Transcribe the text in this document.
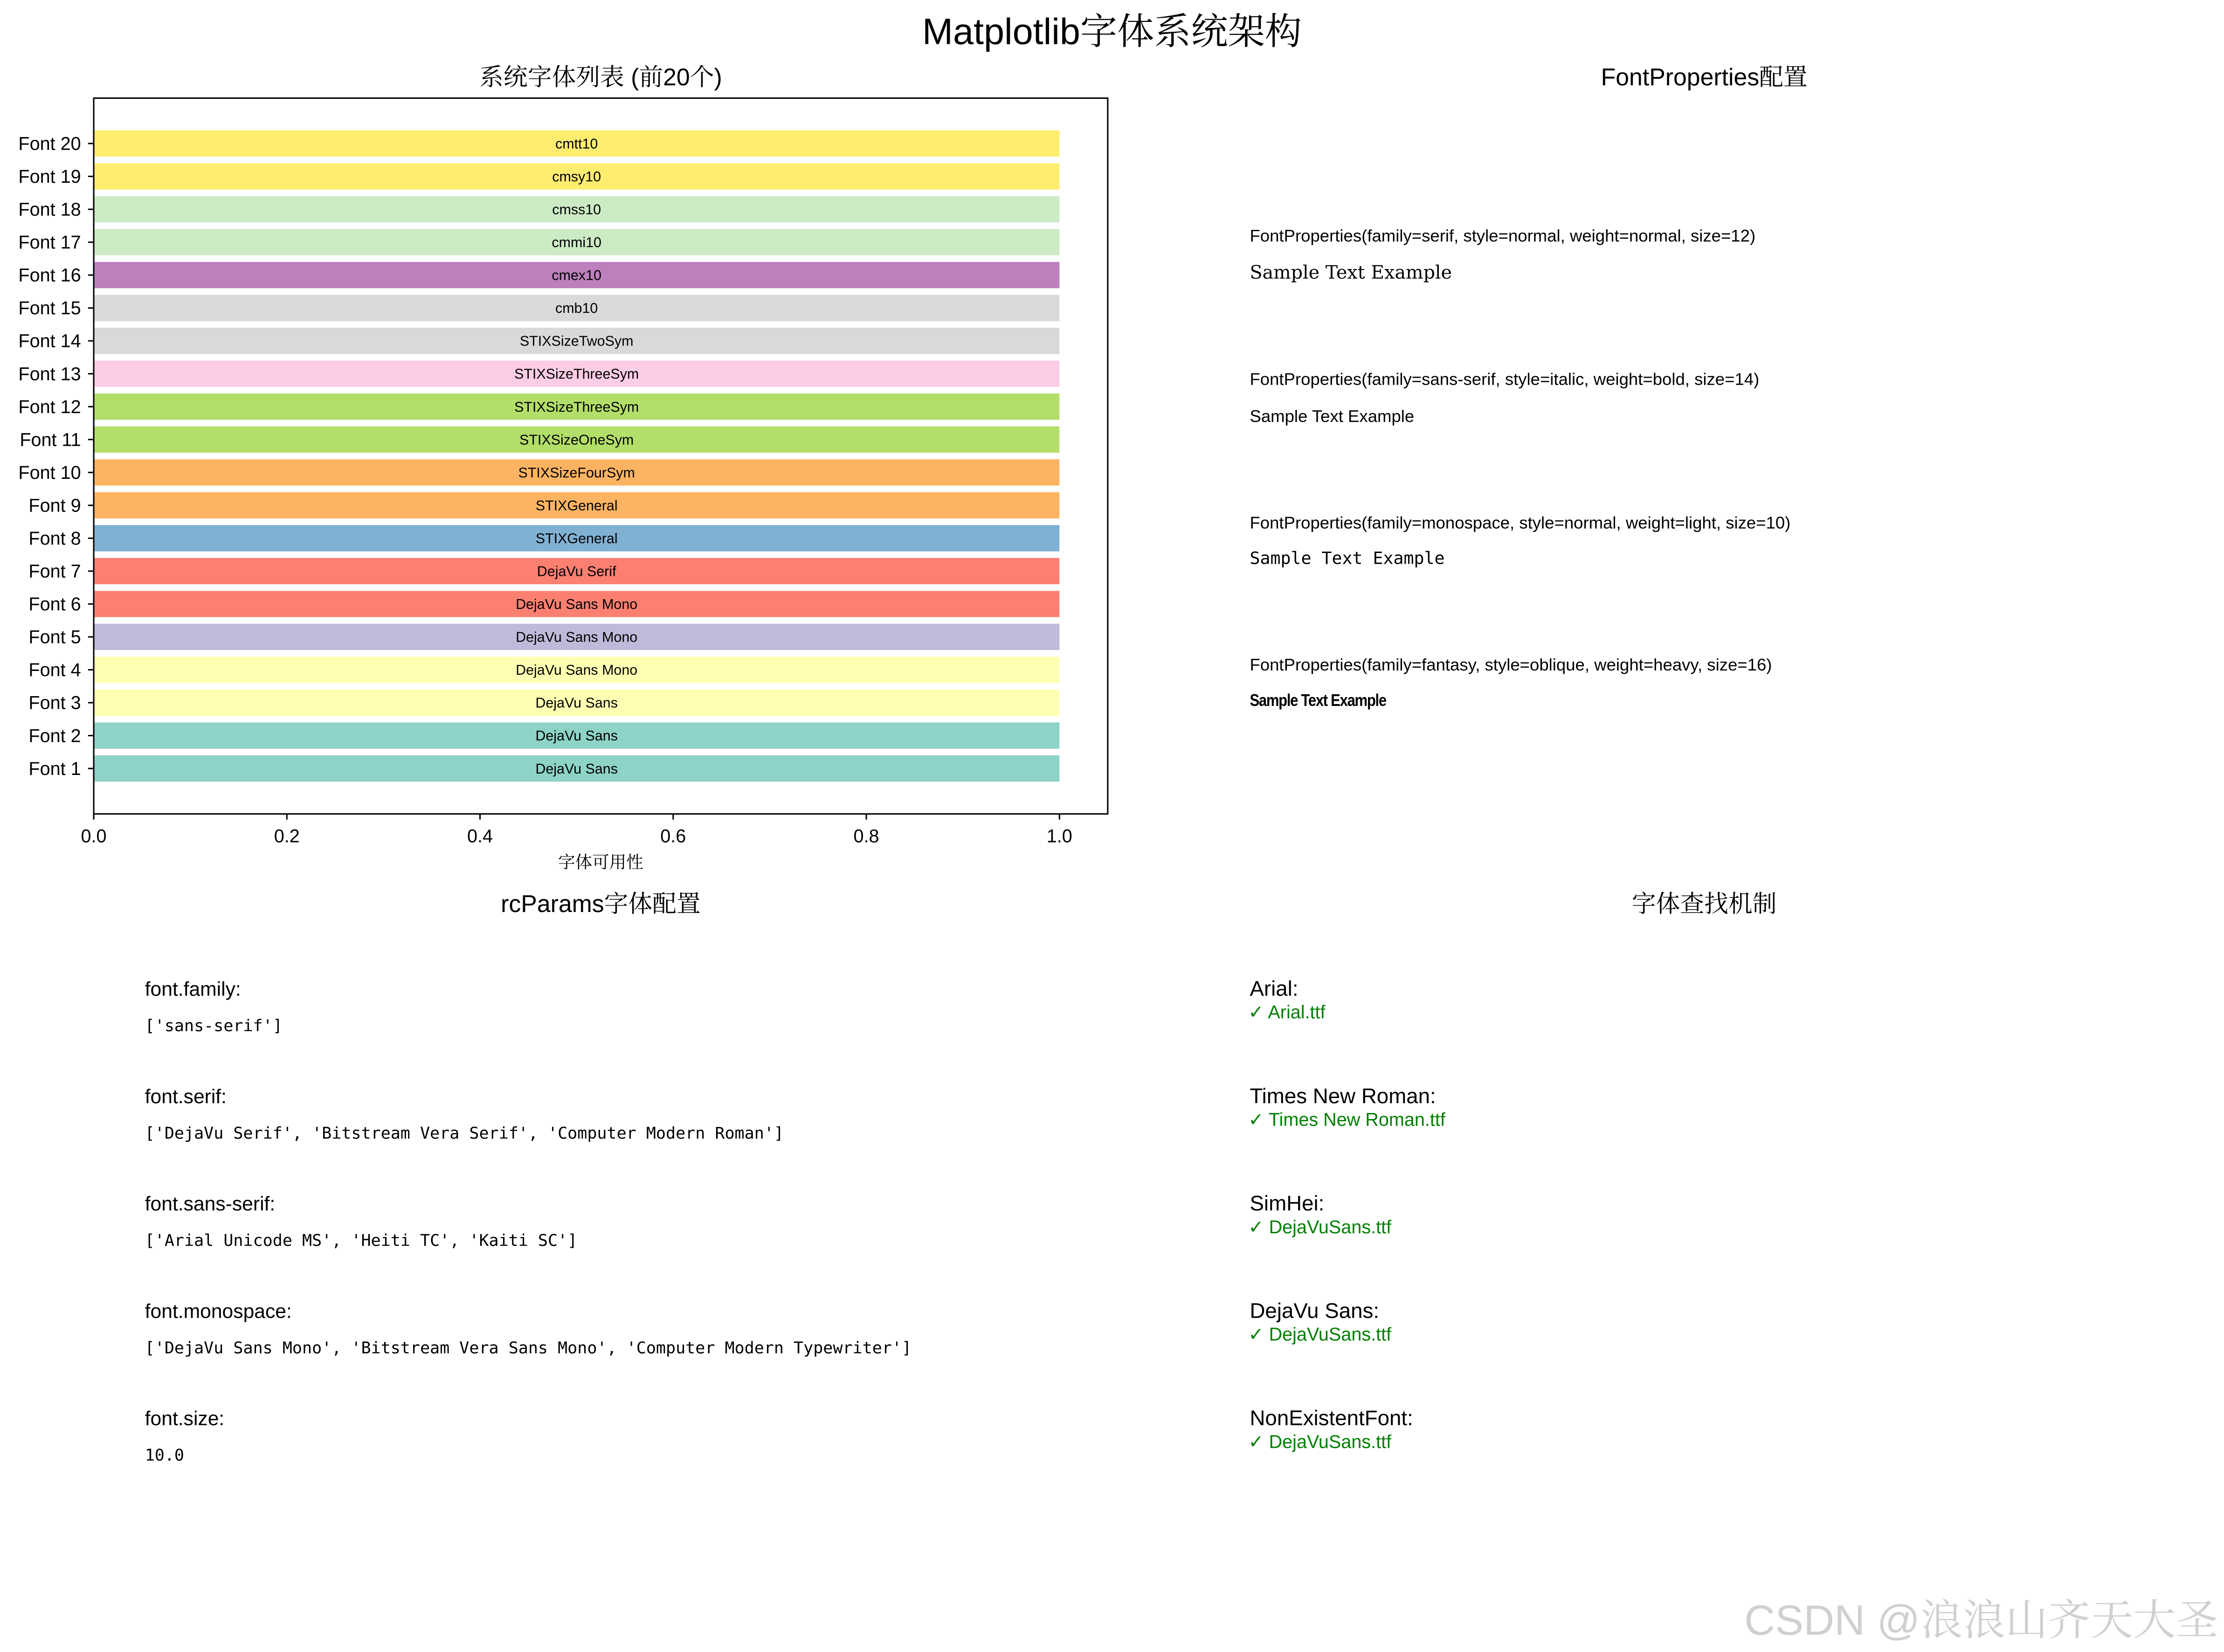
Matplotlib字体系统架构
系统字体列表 (前20个)
DejaVu Sans
DejaVu Sans
DejaVu Sans
DejaVu Sans Mono
DejaVu Sans Mono
DejaVu Sans Mono
DejaVu Serif
STIXGeneral
STIXGeneral
STIXSizeFourSym
STIXSizeOneSym
STIXSizeThreeSym
STIXSizeThreeSym
STIXSizeTwoSym
cmb10
cmex10
cmmi10
cmss10
cmsy10
cmtt10
0.0	0.2	0.4	0.6	0.8	1.0
Font 1
Font 2
Font 3
Font 4
Font 5
Font 6
Font 7
Font 8
Font 9
Font 10
Font 11
Font 12
Font 13
Font 14
Font 15
Font 16
Font 17
Font 18
Font 19
Font 20
字体可用性
FontProperties配置
FontProperties(family=serif, style=normal, weight=normal, size=12)
Sample Text Example
FontProperties(family=sans-serif, style=italic, weight=bold, size=14)
Sample Text Example
FontProperties(family=monospace, style=normal, weight=light, size=10)
Sample Text Example
FontProperties(family=fantasy, style=oblique, weight=heavy, size=16)
Sample Text Example
rcParams字体配置
font.family:
['sans-serif']
font.serif:
['DejaVu Serif', 'Bitstream Vera Serif', 'Computer Modern Roman']
font.sans-serif:
['Arial Unicode MS', 'Heiti TC', 'Kaiti SC']
font.monospace:
['DejaVu Sans Mono', 'Bitstream Vera Sans Mono', 'Computer Modern Typewriter']
font.size:
10.0
字体查找机制
Arial:
✓ Arial.ttf
Times New Roman:
✓ Times New Roman.ttf
SimHei:
✓ DejaVuSans.ttf
DejaVu Sans:
✓ DejaVuSans.ttf
NonExistentFont:
✓ DejaVuSans.ttf
CSDN @浪浪山齐天大圣
